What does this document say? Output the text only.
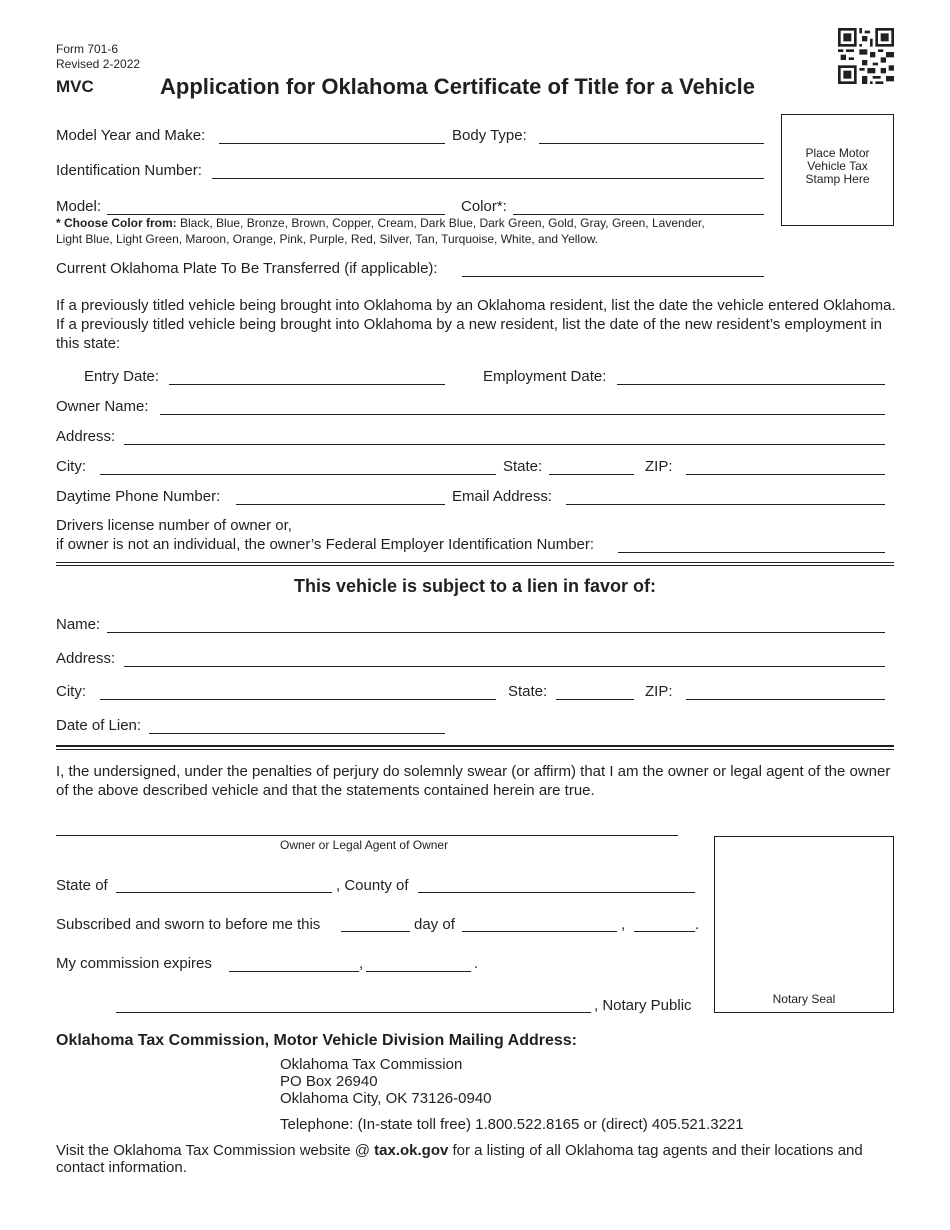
Form 701-6
Revised 2-2022
MVC	Application for Oklahoma Certificate of Title for a Vehicle
Place Motor
Vehicle Tax
Stamp Here
Model Year and Make:	Body Type:
Identification Number:
Model:	Color*:
* Choose Color from: Black, Blue, Bronze, Brown, Copper, Cream, Dark Blue, Dark Green, Gold, Gray, Green, Lavender,
Light Blue, Light Green, Maroon, Orange, Pink, Purple, Red, Silver, Tan, Turquoise, White, and Yellow.
Current Oklahoma Plate To Be Transferred (if applicable):
If a previously titled vehicle being brought into Oklahoma by an Oklahoma resident, list the date the vehicle entered Oklahoma. If a previously titled vehicle being brought into Oklahoma by a new resident, list the date of the new resident’s employment in this state:
Entry Date:	Employment Date:
Owner Name:
Address:
City:	State:	ZIP:
Daytime Phone Number:	Email Address:
Drivers license number of owner or,
if owner is not an individual, the owner’s Federal Employer Identification Number:
This vehicle is subject to a lien in favor of:
Name:
Address:
City:	State:	ZIP:
Date of Lien:
I, the undersigned, under the penalties of perjury do solemnly swear (or affirm) that I am the owner or legal agent of the owner of the above described vehicle and that the statements contained herein are true.
Owner or Legal Agent of Owner
State of	, County of
Subscribed and sworn to before me this	day of	,	.
My commission expires	,	.
, Notary Public	Notary Seal
Oklahoma Tax Commission, Motor Vehicle Division Mailing Address:
Oklahoma Tax Commission
PO Box 26940
Oklahoma City, OK 73126-0940
Telephone: (In-state toll free) 1.800.522.8165 or (direct) 405.521.3221
Visit the Oklahoma Tax Commission website @ tax.ok.gov for a listing of all Oklahoma tag agents and their locations and
contact information.
